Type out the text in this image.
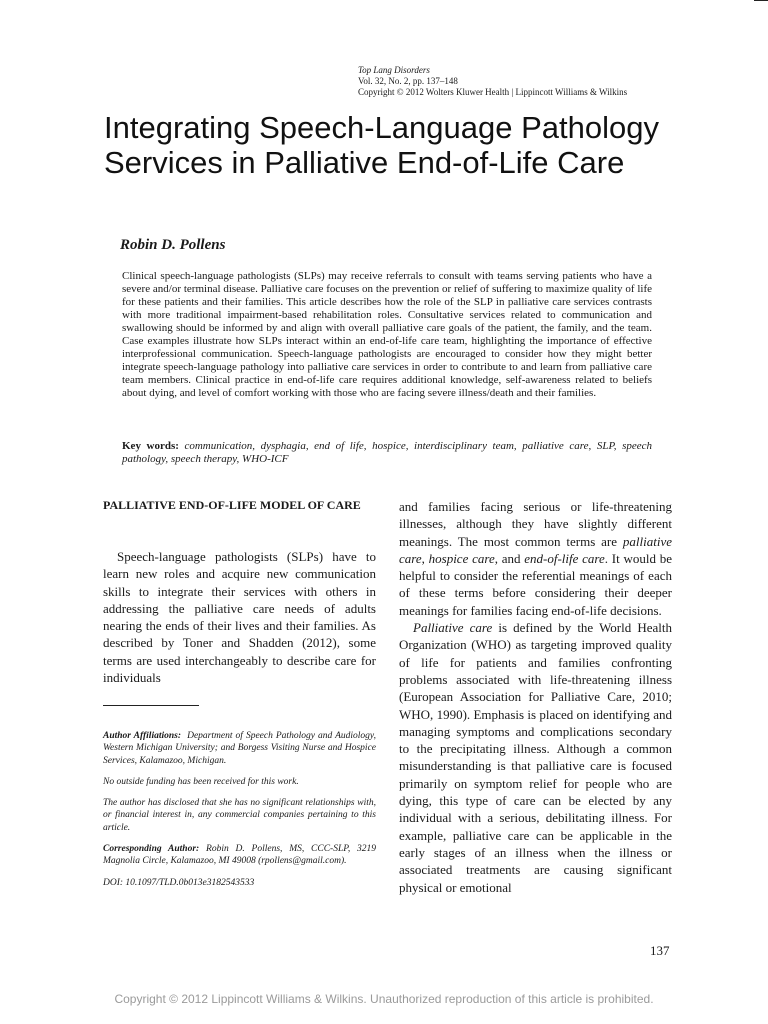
Top Lang Disorders
Vol. 32, No. 2, pp. 137–148
Copyright © 2012 Wolters Kluwer Health | Lippincott Williams & Wilkins
Integrating Speech-Language Pathology Services in Palliative End-of-Life Care
Robin D. Pollens
Clinical speech-language pathologists (SLPs) may receive referrals to consult with teams serving patients who have a severe and/or terminal disease. Palliative care focuses on the prevention or relief of suffering to maximize quality of life for these patients and their families. This article describes how the role of the SLP in palliative care services contrasts with more traditional impairment-based rehabilitation roles. Consultative services related to communication and swallowing should be informed by and align with overall palliative care goals of the patient, the family, and the team. Case examples illustrate how SLPs interact within an end-of-life care team, highlighting the importance of effective interprofessional communication. Speech-language pathologists are encouraged to consider how they might better integrate speech-language pathology into palliative care services in order to contribute to and learn from palliative care team members. Clinical practice in end-of-life care requires additional knowledge, self-awareness related to beliefs about dying, and level of comfort working with those who are facing severe illness/death and their families.
Key words: communication, dysphagia, end of life, hospice, interdisciplinary team, palliative care, SLP, speech pathology, speech therapy, WHO-ICF
PALLIATIVE END-OF-LIFE MODEL OF CARE

Speech-language pathologists (SLPs) have to learn new roles and acquire new communication skills to integrate their services with others in addressing the palliative care needs of adults nearing the ends of their lives and their families. As described by Toner and Shadden (2012), some terms are used interchangeably to describe care for individuals

Author Affiliations: Department of Speech Pathology and Audiology, Western Michigan University; and Borgess Visiting Nurse and Hospice Services, Kalamazoo, Michigan.

No outside funding has been received for this work.

The author has disclosed that she has no significant relationships with, or financial interest in, any commercial companies pertaining to this article.

Corresponding Author: Robin D. Pollens, MS, CCC-SLP, 3219 Magnolia Circle, Kalamazoo, MI 49008 (rpollens@gmail.com).

DOI: 10.1097/TLD.0b013e3182543533

and families facing serious or life-threatening illnesses, although they have slightly different meanings. The most common terms are palliative care, hospice care, and end-of-life care. It would be helpful to consider the referential meanings of each of these terms before considering their deeper meanings for families facing end-of-life decisions.

Palliative care is defined by the World Health Organization (WHO) as targeting improved quality of life for patients and families confronting problems associated with life-threatening illness (European Association for Palliative Care, 2010; WHO, 1990). Emphasis is placed on identifying and managing symptoms and complications secondary to the precipitating illness. Although a common misunderstanding is that palliative care is focused primarily on symptom relief for people who are dying, this type of care can be elected by any individual with a serious, debilitating illness. For example, palliative care can be applicable in the early stages of an illness when the illness or associated treatments are causing significant physical or emotional

137
Copyright © 2012 Lippincott Williams & Wilkins. Unauthorized reproduction of this article is prohibited.
